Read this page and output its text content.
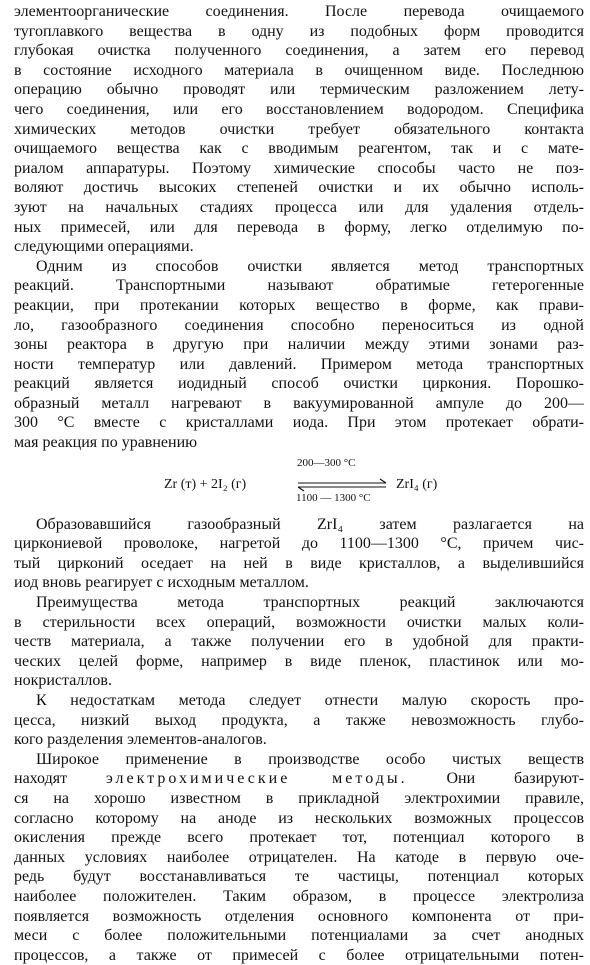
элементоорганические соединения. После перевода очищаемого
тугоплавкого вещества в одну из подобных форм проводится
глубокая очистка полученного соединения, а затем его перевод
в состояние исходного материала в очищенном виде. Последнюю
операцию обычно проводят или термическим разложением лету-
чего соединения, или его восстановлением водородом. Специфика
химических методов очистки требует обязательного контакта
очищаемого вещества как с вводимым реагентом, так и с мате-
риалом аппаратуры. Поэтому химические способы часто не поз-
воляют достичь высоких степеней очистки и их обычно исполь-
зуют на начальных стадиях процесса или для удаления отдель-
ных примесей, или для перевода в форму, легко отделимую по-
следующими операциями.
Одним из способов очистки является метод транспортных
реакций. Транспортными называют обратимые гетерогенные
реакции, при протекании которых вещество в форме, как прави-
ло, газообразного соединения способно переноситься из одной
зоны реактора в другую при наличии между этими зонами раз-
ности температур или давлений. Примером метода транспортных
реакций является иодидный способ очистки циркония. Порошко-
образный металл нагревают в вакуумированной ампуле до 200—
300 °C вместе с кристаллами иода. При этом протекает обрати-
мая реакция по уравнению
Zr (т) + 2I₂ (г)
200—300 °C
1100 — 1300 °C
ZrI₄ (г)
Образовавшийся газообразный ZrI₄ затем разлагается на
циркониевой проволоке, нагретой до 1100—1300 °C, причем чис-
тый цирконий оседает на ней в виде кристаллов, а выделившийся
иод вновь реагирует с исходным металлом.
Преимущества метода транспортных реакций заключаются
в стерильности всех операций, возможности очистки малых коли-
честв материала, а также получении его в удобной для практи-
ческих целей форме, например в виде пленок, пластинок или мо-
нокристаллов.
К недостаткам метода следует отнести малую скорость про-
цесса, низкий выход продукта, а также невозможность глубо-
кого разделения элементов-аналогов.
Широкое применение в производстве особо чистых веществ
находят электрохимические методы. Они базируют-
ся на хорошо известном в прикладной электрохимии правиле,
согласно которому на аноде из нескольких возможных процессов
окисления прежде всего протекает тот, потенциал которого в
данных условиях наиболее отрицателен. На катоде в первую оче-
редь будут восстанавливаться те частицы, потенциал которых
наиболее положителен. Таким образом, в процессе электролиза
появляется возможность отделения основного компонента от при-
меси с более положительными потенциалами за счет анодных
процессов, а также от примесей с более отрицательными потен-
